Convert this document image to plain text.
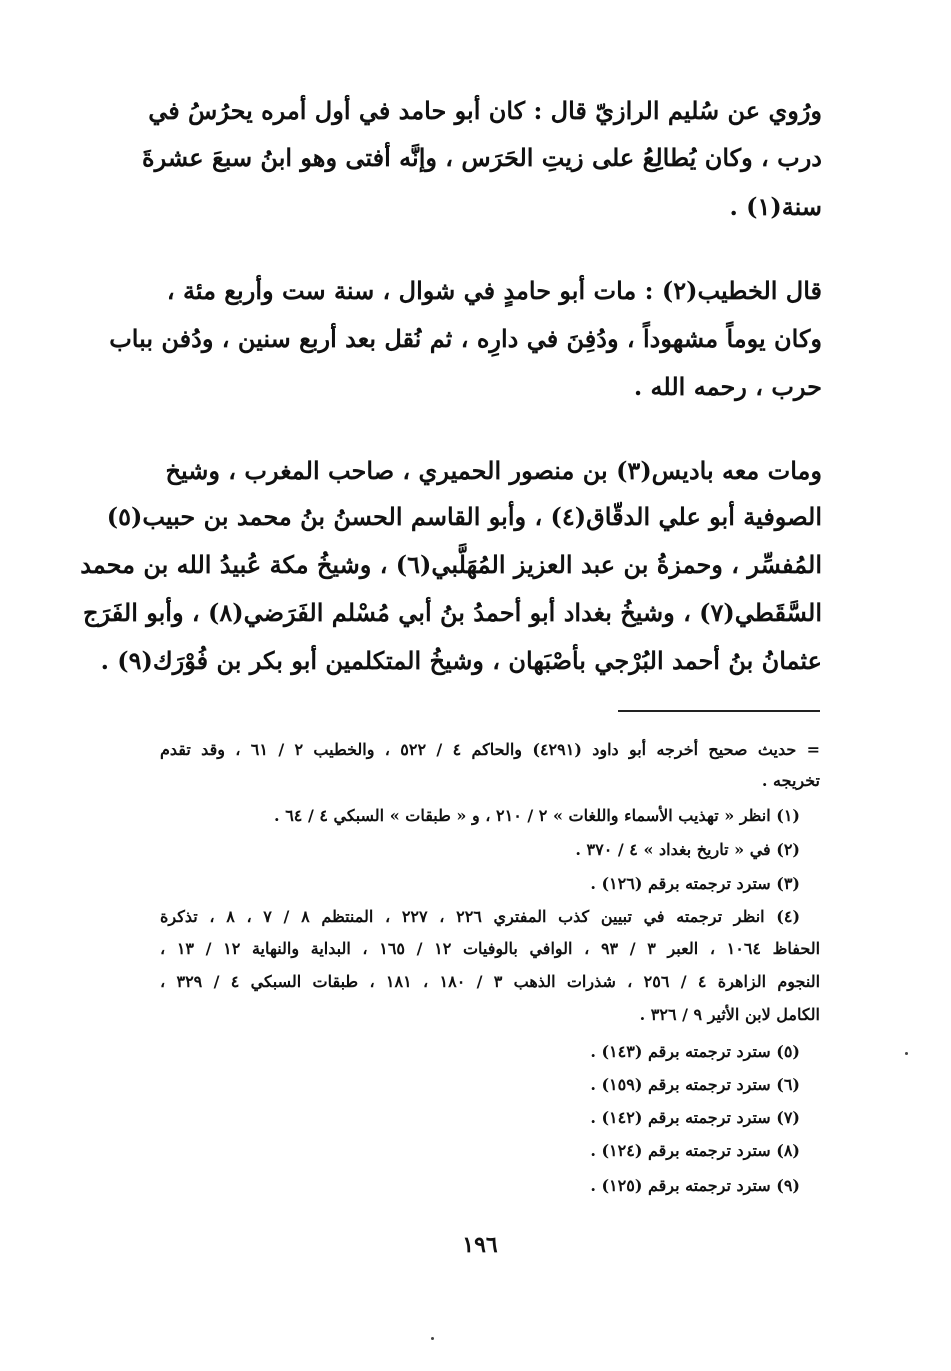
ورُوي عن سُليم الرازيّ قال : كان أبو حامد في أول أمره يحرُسُ في
درب ، وكان يُطالِعُ على زيتِ الحَرَس ، وإنَّه أفتى وهو ابنُ سبعَ عشرةَ
سنة(١) .
قال الخطيب(٢) : مات أبو حامدٍ في شوال ، سنة ست وأربع مئة ،
وكان يوماً مشهوداً ، ودُفِنَ في دارِه ، ثم نُقل بعد أربع سنين ، ودُفن بباب
حرب ، رحمه الله .
ومات معه باديس(٣) بن منصور الحميري ، صاحب المغرب ، وشيخ
الصوفية أبو علي الدقّاق(٤) ، وأبو القاسم الحسنُ بنُ محمد بن حبيب(٥)
المُفسِّر ، وحمزةُ بن عبد العزيز المُهَلَّبي(٦) ، وشيخُ مكة عُبيدُ الله بن محمد
السَّقَطي(٧) ، وشيخُ بغداد أبو أحمدُ بنُ أبي مُسْلم الفَرَضي(٨) ، وأبو الفَرَج
عثمانُ بنُ أحمد البُرْجي بأصْبَهان ، وشيخُ المتكلمين أبو بكر بن فُوْرَك(٩) .
= حديث صحيح أخرجه أبو داود (٤٢٩١) والحاكم ٤ / ٥٢٢ ، والخطيب ٢ / ٦١ ، وقد تقدم
تخريجه .
(١) انظر « تهذيب الأسماء واللغات » ٢ / ٢١٠ ، و « طبقات » السبكي ٤ / ٦٤ .
(٢) في « تاريخ بغداد » ٤ / ٣٧٠ .
(٣) سترد ترجمته برقم (١٢٦) .
(٤) انظر ترجمته في تبيين كذب المفتري ٢٢٦ ، ٢٢٧ ، المنتظم ٨ / ٧ ، ٨ ، تذكرة
الحفاظ ١٠٦٤ ، العبر ٣ / ٩٣ ، الوافي بالوفيات ١٢ / ١٦٥ ، البداية والنهاية ١٢ / ١٣ ،
النجوم الزاهرة ٤ / ٢٥٦ ، شذرات الذهب ٣ / ١٨٠ ، ١٨١ ، طبقات السبكي ٤ / ٣٢٩ ،
الكامل لابن الأثير ٩ / ٣٢٦ .
(٥) سترد ترجمته برقم (١٤٣) .
(٦) سترد ترجمته برقم (١٥٩) .
(٧) سترد ترجمته برقم (١٤٢) .
(٨) سترد ترجمته برقم (١٢٤) .
(٩) سترد ترجمته برقم (١٢٥) .
١٩٦
